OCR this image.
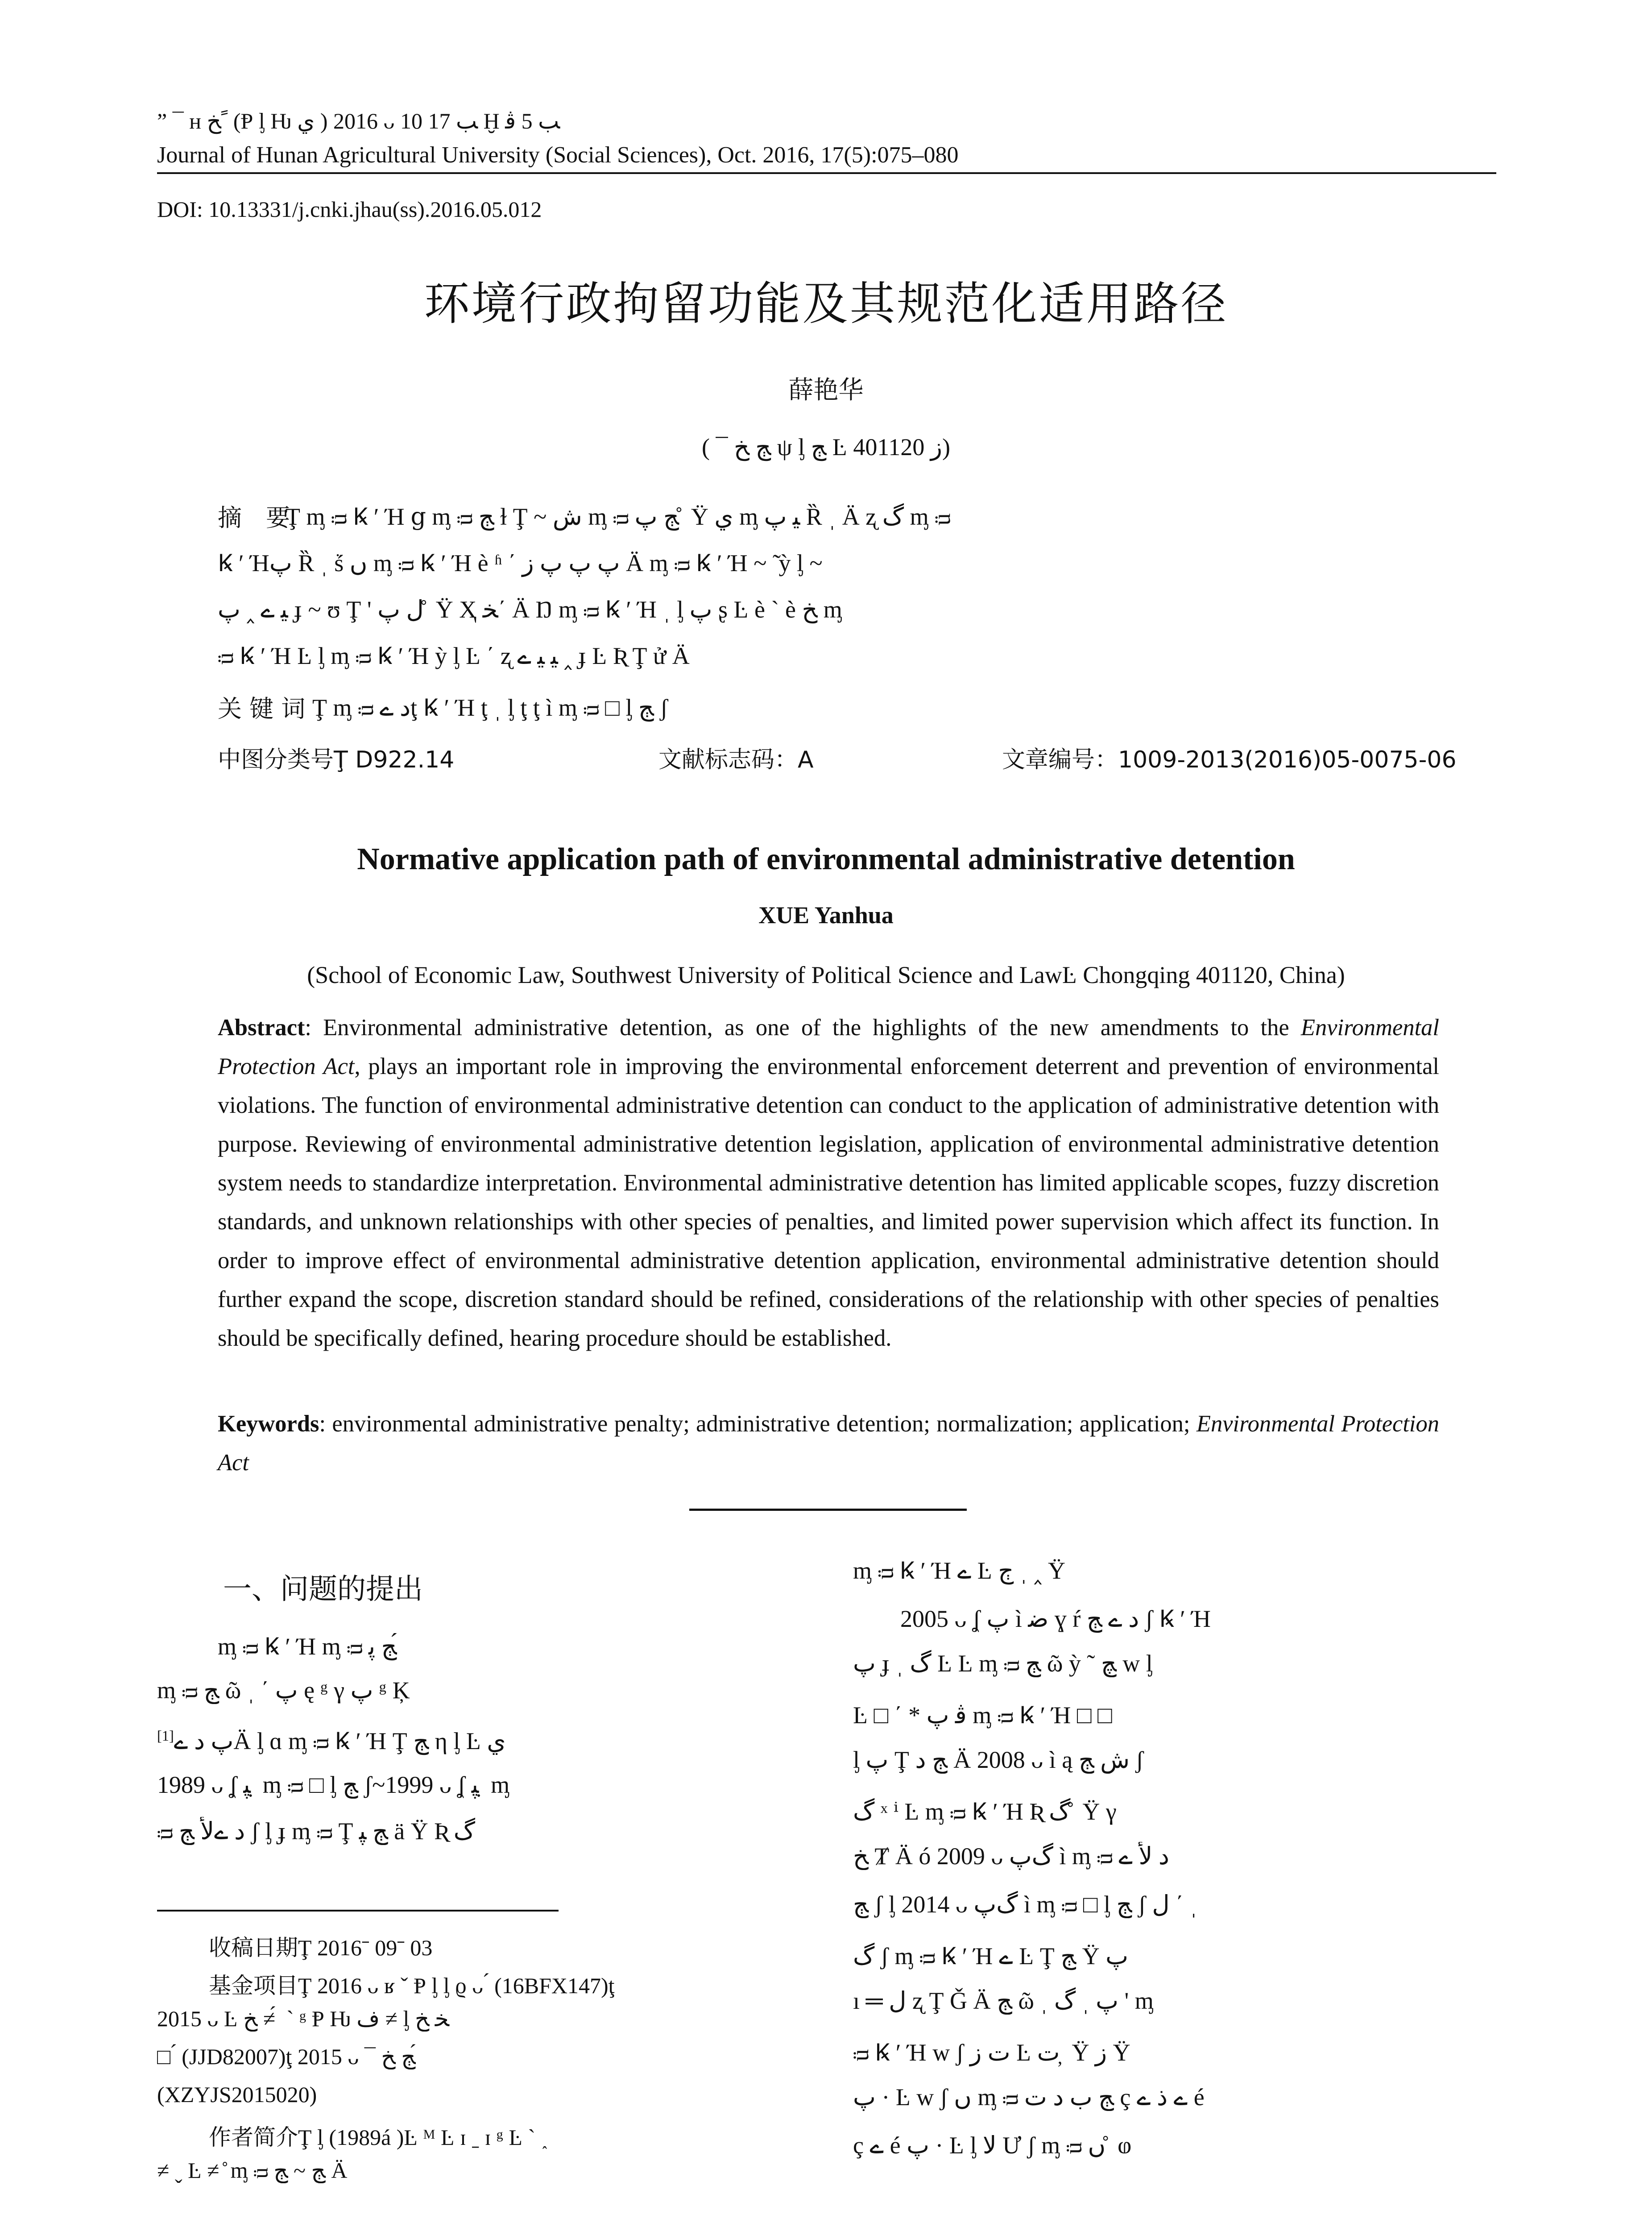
” ¯ ʜ ﺦ ً (Ᵽ ᶅ Ƕ ﻱ ) 2016 ᴗ 10 ﺐ 17 Ḫ ﺐ 5 ﭬ
Journal of Hunan Agricultural University (Social Sciences), Oct. 2016, 17(5):075–080
DOI: 10.13331/j.cnki.jhau(ss).2016.05.012
环境行政拘留功能及其规范化适用路径
薛艳华
( ¯ ﭳ ﺦ ψ ᶅ ﭳ Ŀ ﺯ 401120)
摘　要
Ţ ᶆ ᴞ Ꝃ ʹ Ή ց ᶆ ᴞ ﭳ ɫ Ţ ~ ﺵ ᶆ ᴞ ﭳ ﭖ ̊ Ÿ ﻱ ᶆ ﻴ ﭖ Ȑ ˌ Ä ʐ ﮒ ᶆ ᴞ
Ꝃ ʹ Ήﭖ Ȑ ˌ ṥ ں ᶆ ᴞ Ꝃ ʹ Ή è ʱ ΄ ﭖ ﭖ ﭖ ﺯ Ä ᶆ ᴞ Ꝃ ʹ Ή ~ ̃ ỳ ᶅ ~
ﻴ ے ‸ ﭖ ɟ ~ ʊ Ţ ' ﻝ ﭖ ̊ Ÿ Ҳ ﺨ΄ Ä Ŋ ᶆ ᴞ Ꝃ ʹ Ή ˌ ᶅ ﭖ ʂ Ŀ è ` è ﺦ ᶆ
ᴞ Ꝃ ʹ Ή Ŀ ᶅ ᶆ ᴞ Ꝃ ʹ Ή ỳ ᶅ Ŀ ΄ ʐ ﻴ ﻴ ے ‸ ɟ Ŀ Ʀ Ţ ử Ä
关 键 词 Ţ ᶆ ᴞ ﺩ ےţ Ꝃ ʹ Ή ţ ˌ ᶅ ţ ţ ì ᶆ ᴞ □ ᶅ ﭳ ʃ
中图分类号Ţ D922.14	文献标志码：A	文章编号：1009-2013(2016)05-0075-06
Normative application path of environmental administrative detention
XUE Yanhua
(School of Economic Law, Southwest University of Political Science and LawĿ Chongqing 401120, China)
Abstract: Environmental administrative detention, as one of the highlights of the new amendments to the Environmental Protection Act, plays an important role in improving the environmental enforcement deterrent and prevention of environmental violations. The function of environmental administrative detention can conduct to the application of administrative detention with purpose. Reviewing of environmental administrative detention legislation, application of environmental administrative detention system needs to standardize interpretation. Environmental administrative detention has limited applicable scopes, fuzzy discretion standards, and unknown relationships with other species of penalties, and limited power supervision which affect its function. In order to improve effect of environmental administrative detention application, environmental administrative detention should further expand the scope, discretion standard should be refined, considerations of the relationship with other species of penalties should be specifically defined, hearing procedure should be established.
Keywords: environmental administrative penalty; administrative detention; normalization; application; Environmental Protection Act
一、问题的提出
ᶆ ᴞ Ꝃ ʹ Ή ᶆ ᴞ ﭳ ﭘ ́
ᶆ ᴞ ﭳ ῶ ˌ ΄ ﭖ ę ᵍ γ ﭖ ᵍ Ķ
ﭖ ﺩ ے[1] Ä ᶅ ɑ ᶆ ᴞ Ꝃ ʹ Ή Ţ ﭳ η ᶅ Ŀ ﻱ
1989 ᴗ ʆ ﭙ ̣ ᶆ ᴞ □ ᶅ ﭳ ʃ~1999 ᴗ ʆ ﭙ ̣ ᶆ
ᴞ ﺩ ےﻷ ﭳ ʃ ᶅ ɟ ᶆ ᴞ Ţ ﭳ ﭙ ä Ÿ Ʀ ﮒ
收稿日期Ţ 2016ˉ 09ˉ 03
基金项目Ţ 2016 ᴗ ʁ ˇ Ᵽ ᶅ ᶅ ϱ ᴗ ́ (16BFX147)ţ
2015 ᴗ Ŀ ﺦ ≠ ́ ˋ ᵍ Ᵽ Ƕ ﻑ ≠ ᶅ ﺨ ﺦ
□ ́ (JJD82007)ţ 2015 ᴗ ¯ ﭳ ﺦ ́
(XZYJS2015020)
作者简介Ţ ᶅ (1989á )Ŀ ᴹ Ŀ ɪ ˍ ɪ ᵍ Ŀ ` ˰
≠ ˬ Ŀ ≠ ̊ ᶆ ᴞ ﭳ ~ ﭳ Ä
ᶆ ᴞ Ꝃ ʹ Ή ے Ŀ ﭲ ˌ ‸ Ÿ
2005 ᴗ ʆ ﭖ ì ﺿ ɣ ŕ ﺩ ے ﭳ ʃ Ꝃ ʹ Ή
ﭖ ɟ ˌ ﮒ Ŀ Ŀ ᶆ ᴞ ﭳ ῶ ỳ ˜ ﭻ w ᶅ
Ŀ □ ΄ * ﭬ ﭖ ᶆ ᴞ Ꝃ ʹ Ή □ □
ᶅ ﭖ Ţ ﭳ ﺩ Ä 2008 ᴗ ì ą ﺵ ﭳ ʃ
ﮒ ˣ ⁱ Ŀ ᶆ ᴞ Ꝃ ʹ Ή Ʀ ﮒ ̊ Ÿ γ
ﺦ Ⱦ Ä ó 2009 ᴗ ﮒﭖ ì ᶆ ᴞ ﺩ ﻷ ے
ﭳ ʃ ᶅ 2014 ᴗ ﮒﭖ ì ᶆ ᴞ □ ᶅ ﭳ ʃ ﻝ ΄ ˌ
ﮒ ʃ ᶆ ᴞ Ꝃ ʹ Ή ے Ŀ Ţ ﭳ Ÿ ﭖ
ı ═ ﻝ ʐ Ţ Ǧ Ä ﭳ ῶ ˌ ﭖ ˌ ﮒ ' ᶆ
ᴞ Ꝃ ʹ Ή w ʃ ﺕ ﺯ Ŀ ﺕ ̦ Ÿ ﺯ Ÿ
ﭖ · Ŀ w ʃ ں ᶆ ᴞ ﭳ ﺏ ﺩ ﺕ ç ے ﺫ ے é
ç ے é ﭖ · Ŀ ᶅ ﻻ Ư ʃ ᶆ ᴞ ں ̊ ⱷ
